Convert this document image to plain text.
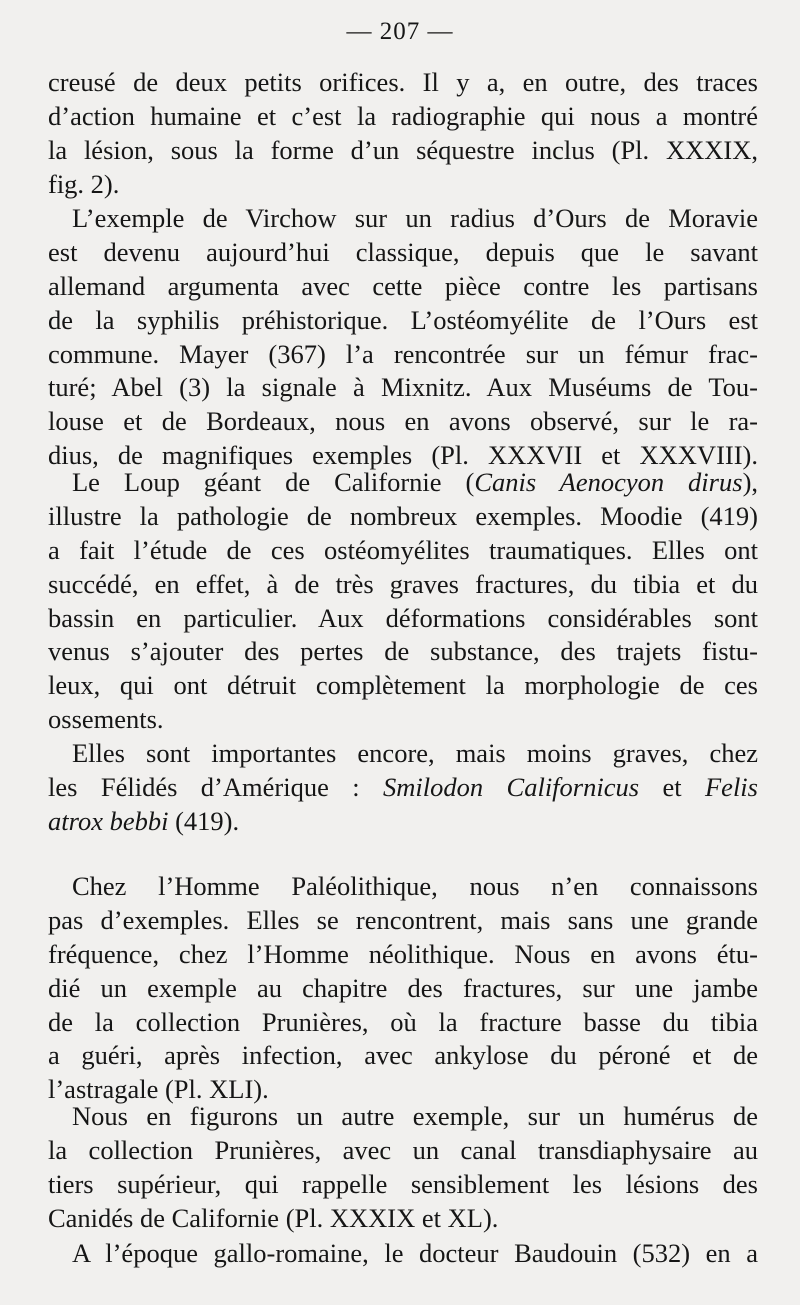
— 207 —
creusé de deux petits orifices. Il y a, en outre, des traces
d’action humaine et c’est la radiographie qui nous a montré
la lésion, sous la forme d’un séquestre inclus (Pl. XXXIX,
fig. 2).
L’exemple de Virchow sur un radius d’Ours de Moravie
est devenu aujourd’hui classique, depuis que le savant
allemand argumenta avec cette pièce contre les partisans
de la syphilis préhistorique. L’ostéomyélite de l’Ours est
commune. Mayer (367) l’a rencontrée sur un fémur frac-
turé; Abel (3) la signale à Mixnitz. Aux Muséums de Tou-
louse et de Bordeaux, nous en avons observé, sur le ra-
dius, de magnifiques exemples (Pl. XXXVII et XXXVIII).
Le Loup géant de Californie (Canis Aenocyon dirus),
illustre la pathologie de nombreux exemples. Moodie (419)
a fait l’étude de ces ostéomyélites traumatiques. Elles ont
succédé, en effet, à de très graves fractures, du tibia et du
bassin en particulier. Aux déformations considérables sont
venus s’ajouter des pertes de substance, des trajets fistu-
leux, qui ont détruit complètement la morphologie de ces
ossements.
Elles sont importantes encore, mais moins graves, chez
les Félidés d’Amérique : Smilodon Californicus et Felis
atrox bebbi (419).
Chez l’Homme Paléolithique, nous n’en connaissons
pas d’exemples. Elles se rencontrent, mais sans une grande
fréquence, chez l’Homme néolithique. Nous en avons étu-
dié un exemple au chapitre des fractures, sur une jambe
de la collection Prunières, où la fracture basse du tibia
a guéri, après infection, avec ankylose du péroné et de
l’astragale (Pl. XLI).
Nous en figurons un autre exemple, sur un humérus de
la collection Prunières, avec un canal transdiaphysaire au
tiers supérieur, qui rappelle sensiblement les lésions des
Canidés de Californie (Pl. XXXIX et XL).
A l’époque gallo-romaine, le docteur Baudouin (532) en a
